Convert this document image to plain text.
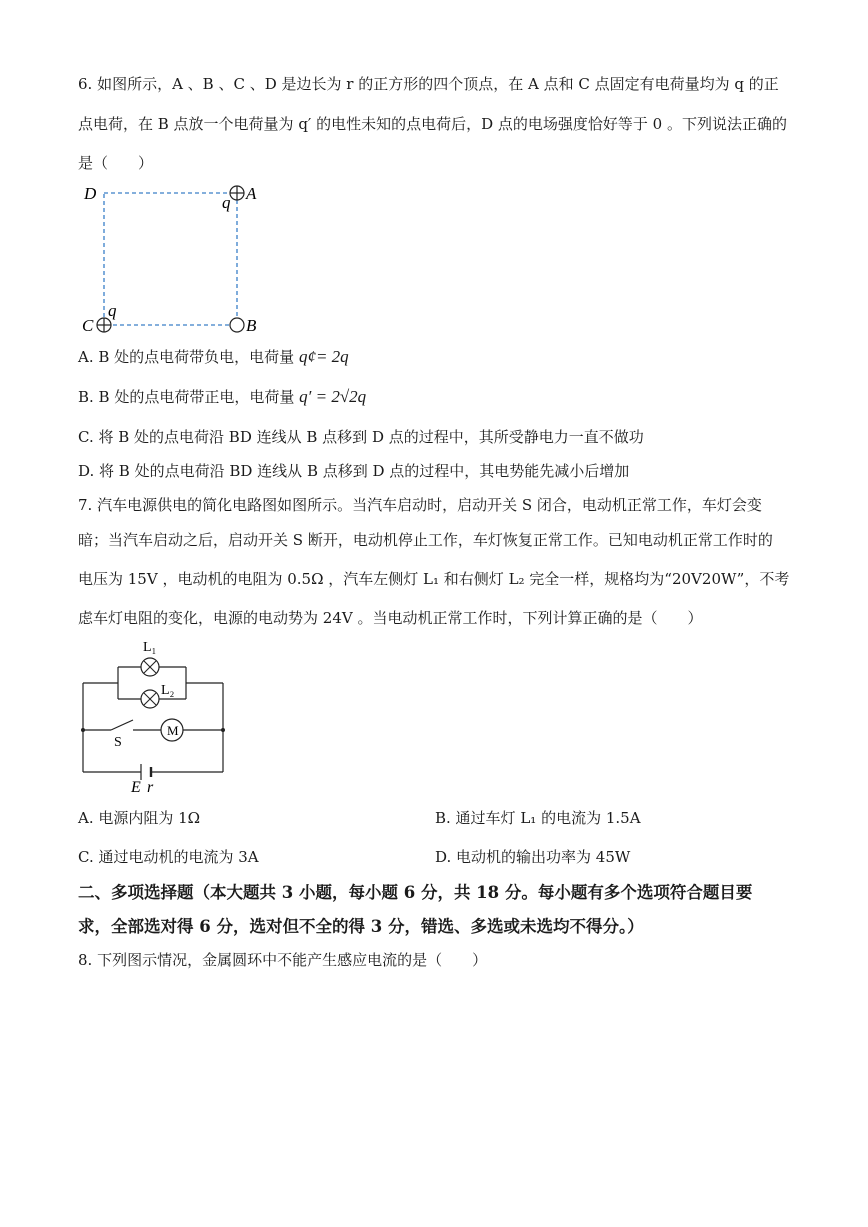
6. 如图所示，A 、B 、C 、D 是边长为 r 的正方形的四个顶点，在 A 点和 C 点固定有电荷量均为 q 的正
点电荷，在 B 点放一个电荷量为 q′ 的电性未知的点电荷后，D 点的电场强度恰好等于 0 。下列说法正确的
是（　　）
D	A
q
q
C	B
A. B 处的点电荷带负电，电荷量 q¢= 2q
B. B 处的点电荷带正电，电荷量 q′ = 2√2q
C. 将 B 处的点电荷沿 BD 连线从 B 点移到 D 点的过程中，其所受静电力一直不做功
D. 将 B 处的点电荷沿 BD 连线从 B 点移到 D 点的过程中，其电势能先减小后增加
7. 汽车电源供电的简化电路图如图所示。当汽车启动时，启动开关 S 闭合，电动机正常工作，车灯会变
暗；当汽车启动之后，启动开关 S 断开，电动机停止工作，车灯恢复正常工作。已知电动机正常工作时的
电压为 15V ，电动机的电阻为 0.5Ω ，汽车左侧灯 L₁ 和右侧灯 L₂ 完全一样，规格均为“20V20W”，不考
虑车灯电阻的变化，电源的电动势为 24V 。当电动机正常工作时，下列计算正确的是（　　）
M
L₁
L₂
S
E r
A. 电源内阻为 1Ω	B. 通过车灯 L₁ 的电流为 1.5A
C. 通过电动机的电流为 3A	D. 电动机的输出功率为 45W
二、多项选择题（本大题共 3 小题，每小题 6 分，共 18 分。每小题有多个选项符合题目要
求，全部选对得 6 分，选对但不全的得 3 分，错选、多选或未选均不得分。）
8. 下列图示情况，金属圆环中不能产生感应电流的是（　　）
